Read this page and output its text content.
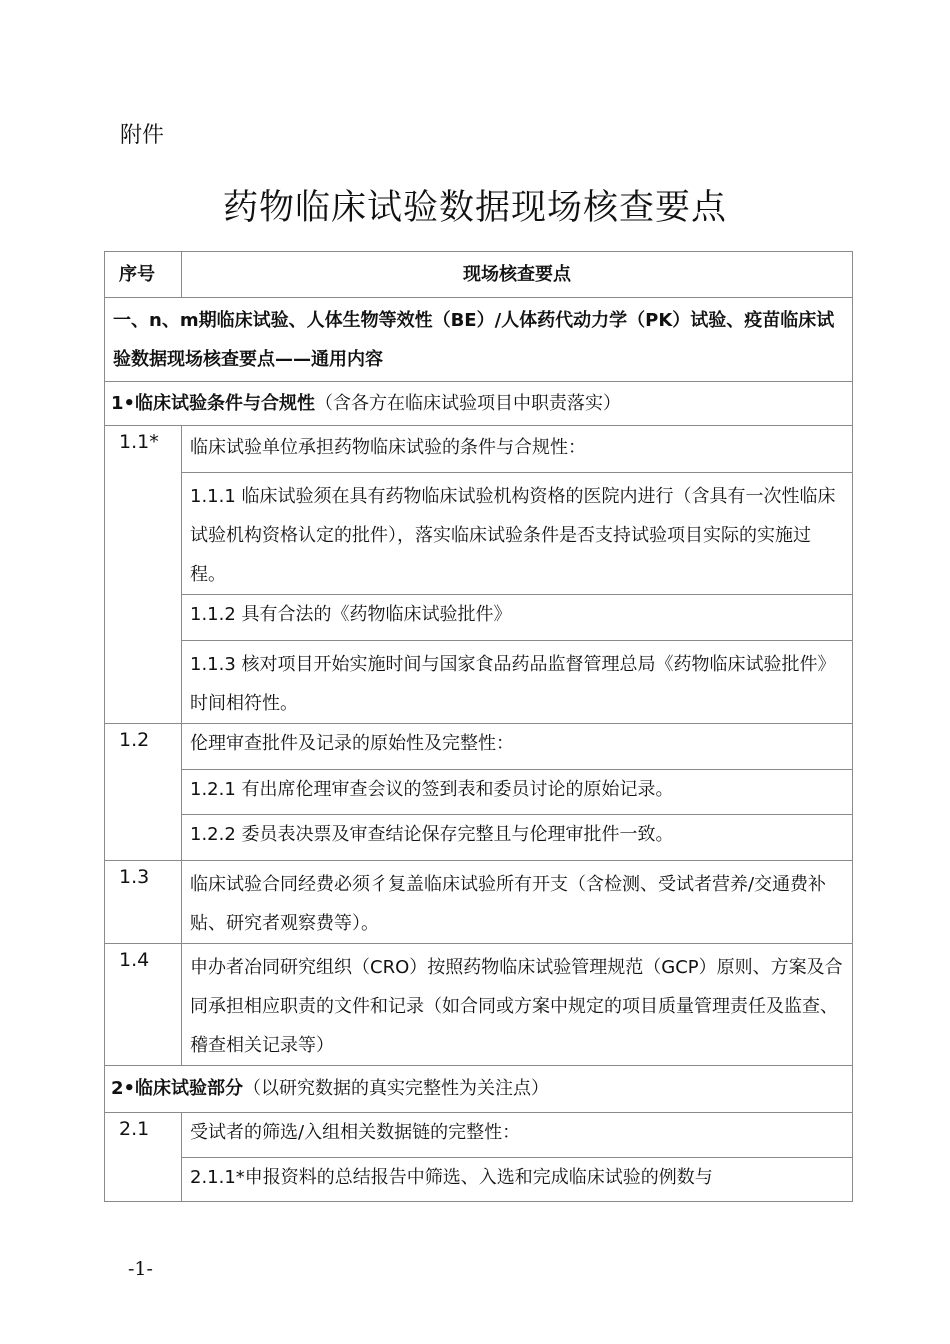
附件
药物临床试验数据现场核查要点
序号	现场核查要点
一、n、m期临床试验、人体生物等效性（BE）/人体药代动力学（PK）试验、疫苗临床试验数据现场核查要点——通用内容	
1•临床试验条件与合规性（含各方在临床试验项目中职责落实）	
1.1*	临床试验单位承担药物临床试验的条件与合规性：
	1.1.1 临床试验须在具有药物临床试验机构资格的医院内进行（含具有一次性临床试验机构资格认定的批件），落实临床试验条件是否支持试验项目实际的实施过程。
	1.1.2 具有合法的《药物临床试验批件》
	1.1.3 核对项目开始实施时间与国家食品药品监督管理总局《药物临床试验批件》时间相符性。

1.2	伦理审查批件及记录的原始性及完整性：
	1.2.1 有出席伦理审查会议的签到表和委员讨论的原始记录。
	1.2.2 委员表决票及审查结论保存完整且与伦理审批件一致。
1.3	临床试验合同经费必须彳复盖临床试验所有开支（含检测、受试者营养/交通费补贴、研究者观察费等）。
1.4	申办者冶同研究组织（CRO）按照药物临床试验管理规范（GCP）原则、方案及合同承担相应职责的文件和记录（如合同或方案中规定的项目质量管理责任及监查、稽查相关记录等）
2•临床试验部分（以研究数据的真实完整性为关注点）	
2.1	受试者的筛选/入组相关数据链的完整性：
	2.1.1*申报资料的总结报告中筛选、入选和完成临床试验的例数与
-1-
